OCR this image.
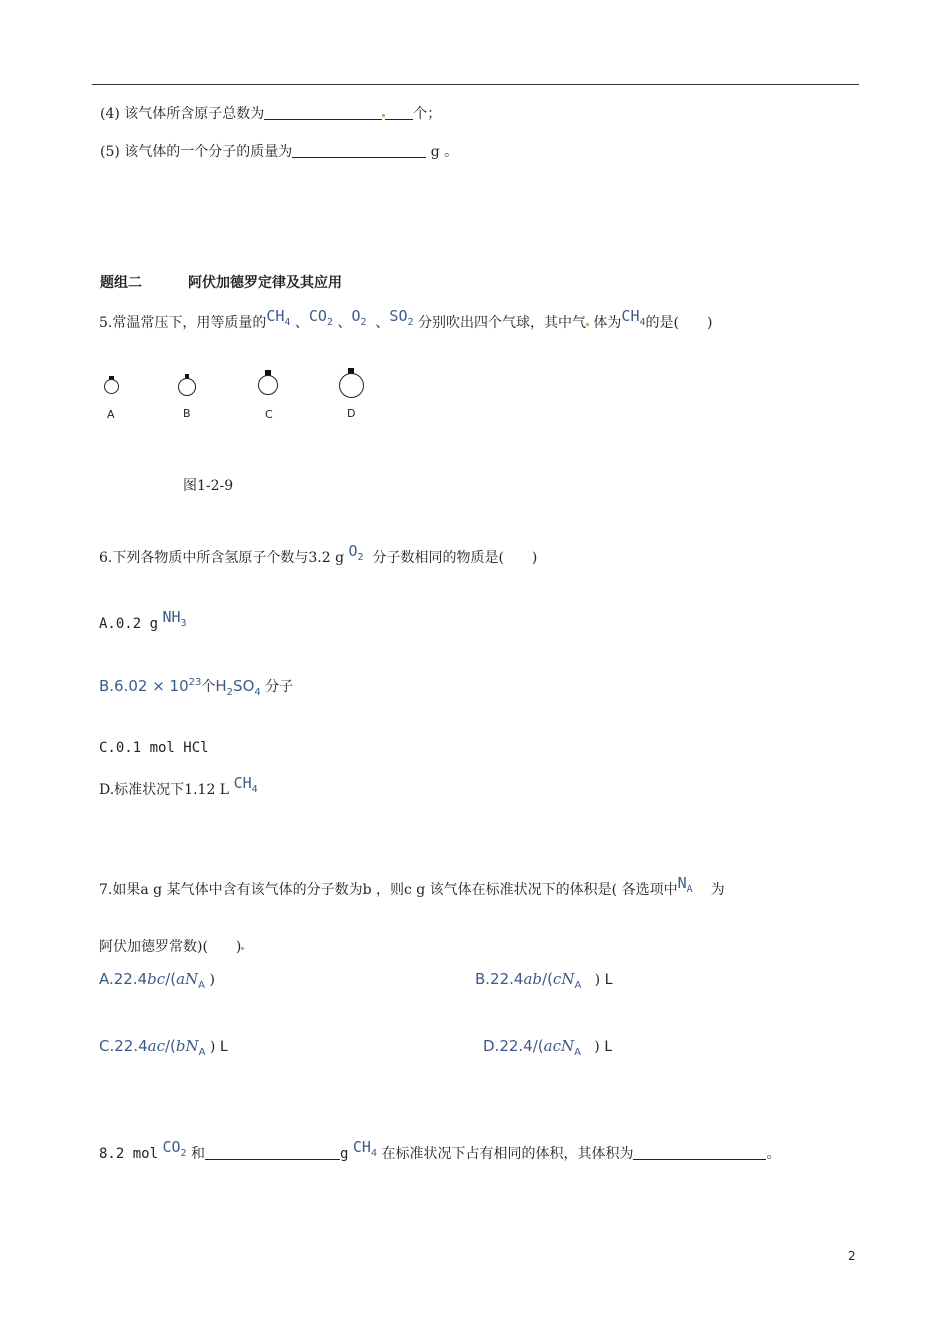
(4) 该气体所含原子总数为	个；
(5) 该气体的一个分子的质量为	g 。
题组二	阿伏加德罗定律及其应用
5.常温常压下，用等质量的$CH_4$ 、$CO_2$ 、$O_2$ 、$SO_2$ 分别吹出四个气球，其中气 体为$CH_4$的是(　　)
A	B	C	D
图1-2-9
6.下列各物质中所含氢原子个数与3.2 g $O_2$ 分子数相同的物质是(　　)
A.0.2 g $NH_3$
$B.6.02 \times 10^{23}$个$H_2SO_4$ 分子
C.0.1 mol HCl
D.标准状况下1.12 L $CH_4$
7.如果a g 某气体中含有该气体的分子数为b ，则c g 该气体在标准状况下的体积是( 各选项中$N_A$ 为
阿伏加德罗常数)(　　)
$A.22.4bc/(aN_A$ )	$B.22.4ab/(cN_A$ ) L
$C.22.4ac/(bN_A$ ) L	D.22.4/(acN$_A$ ) L
8.2 mol $CO_2$ 和	g $CH_4$ 在标准状况下占有相同的体积，其体积为	。
2
